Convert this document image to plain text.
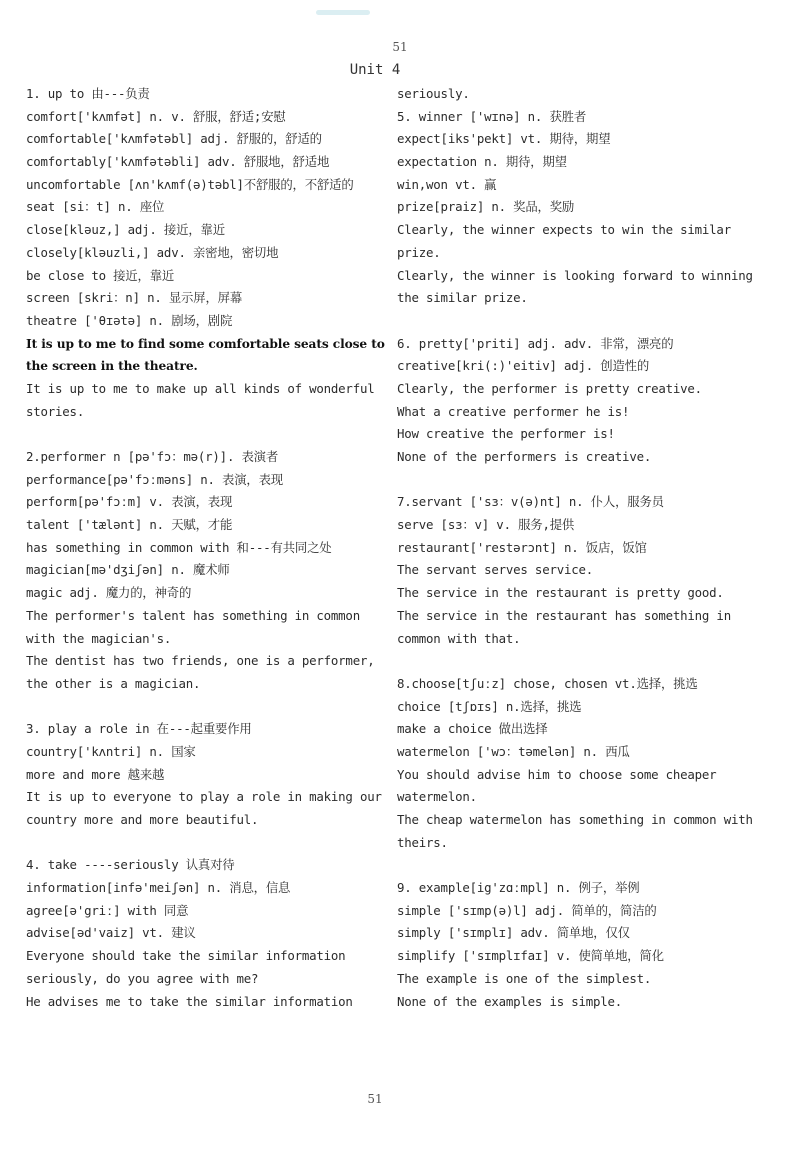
51
Unit 4
1. up to 由---负责
comfort['kʌmfət] n. v. 舒服，舒适;安慰
comfortable['kʌmfətəbl] adj. 舒服的，舒适的
comfortably['kʌmfətəbli] adv. 舒服地，舒适地
uncomfortable [ʌn'kʌmf(ə)təbl]不舒服的，不舒适的
seat [si：t] n. 座位
close[kləuz,] adj. 接近，靠近
closely[kləuzli,] adv. 亲密地，密切地
be close to 接近，靠近
screen [skri：n] n. 显示屏，屏幕
theatre ['θɪətə] n. 剧场，剧院
It is up to me to find some comfortable seats close to
the screen in the theatre.
It is up to me to make up all kinds of wonderful
stories.
2.performer n [pə'fɔ：mə(r)]. 表演者
performance[pə'fɔːməns] n. 表演，表现
perform[pə'fɔːm] v. 表演，表现
talent ['tælənt] n. 天赋，才能
has something in common with 和---有共同之处
magician[mə'dʒiʃən] n. 魔术师
magic adj. 魔力的，神奇的
The performer's talent has something in common
with the magician's.
The dentist has two friends, one is a performer,
the other is a magician.
3. play a role in 在---起重要作用
country['kʌntri] n. 国家
more and more 越来越
It is up to everyone to play a role in making our
country more and more beautiful.
4. take ----seriously 认真对待
information[infə'meiʃən] n. 消息，信息
agree[ə'griː] with 同意
advise[əd'vaiz] vt. 建议
Everyone should take the similar information
seriously, do you agree with me?
He advises me to take the similar information
seriously.
5. winner ['wɪnə] n. 获胜者
expect[iks'pekt] vt. 期待，期望
expectation n. 期待，期望
win,won vt. 赢
prize[praiz] n. 奖品，奖励
Clearly, the winner expects to win the similar
prize.
Clearly, the winner is looking forward to winning
the similar prize.
6. pretty['priti] adj. adv. 非常，漂亮的
creative[kri(:)'eitiv] adj. 创造性的
Clearly, the performer is pretty creative.
What a creative performer he is!
How creative the performer is!
None of the performers is creative.
7.servant ['sɜ：v(ə)nt] n. 仆人，服务员
serve [sɜ：v] v. 服务,提供
restaurant['restərɔnt] n. 饭店，饭馆
The servant serves service.
The service in the restaurant is pretty good.
The service in the restaurant has something in
common with that.
8.choose[tʃuːz] chose, chosen vt.选择，挑选
choice [tʃɒɪs] n.选择，挑选
make a choice 做出选择
watermelon ['wɔ：təmelən] n. 西瓜
You should advise him to choose some cheaper
watermelon.
The cheap watermelon has something in common with
theirs.
9. example[ig'zɑːmpl] n. 例子，举例
simple ['sɪmp(ə)l] adj. 简单的，简洁的
simply ['sɪmplɪ] adv. 简单地，仅仅
simplify ['sɪmplɪfaɪ] v. 使简单地，简化
The example is one of the simplest.
None of the examples is simple.
51
